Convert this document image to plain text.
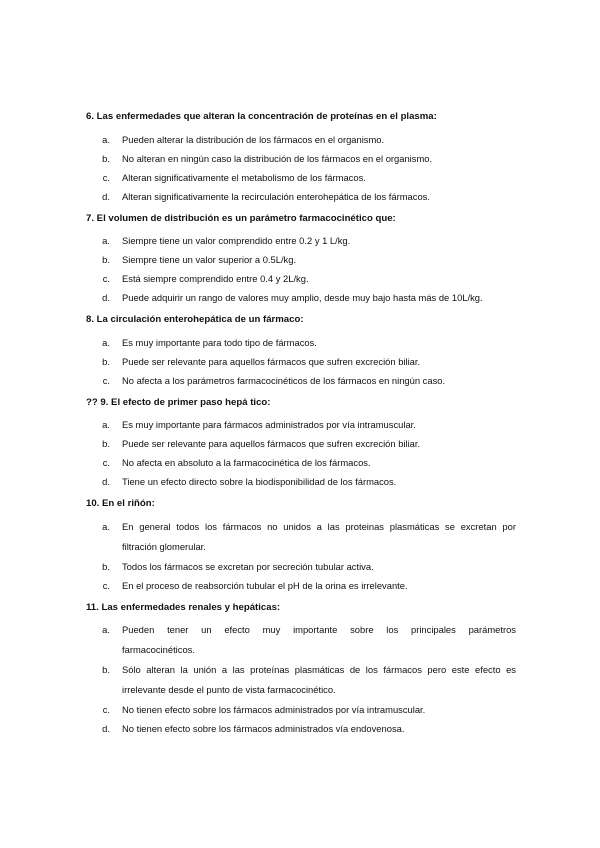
6. Las enfermedades que alteran la concentración de proteínas en el plasma:
a.	Pueden alterar la distribución de los fármacos en el organismo.
b.	No alteran en ningún caso la distribución de los fármacos en el organismo.
c.	Alteran significativamente el metabolismo de los fármacos.
d.	Alteran significativamente la recirculación enterohepática de los fármacos.
7. El volumen de distribución es un parámetro farmacocinético que:
a.	Siempre tiene un valor comprendido entre 0.2 y 1 L/kg.
b.	Siempre tiene un valor superior a 0.5L/kg.
c.	Está siempre comprendido entre 0.4 y 2L/kg.
d.	Puede adquirir un rango de valores muy amplio, desde muy bajo hasta más de 10L/kg.
8. La circulación enterohepática de un fármaco:
a.	Es muy importante para todo tipo de fármacos.
b.	Puede ser relevante para aquellos fármacos que sufren excreción biliar.
c.	No afecta a los parámetros farmacocinéticos de los fármacos en ningún caso.
?? 9. El efecto de primer paso hepá tico:
a.	Es muy importante para fármacos administrados por vía intramuscular.
b.	Puede ser relevante para aquellos fármacos que sufren excreción biliar.
c.	No afecta en absoluto a la farmacocinética de los fármacos.
d.	Tiene un efecto directo sobre la biodisponibilidad de los fármacos.
10. En el riñón:
a.	En general todos los fármacos no unidos a las proteinas plasmáticas se excretan por
filtración glomerular.
b.	Todos los fármacos se excretan por secreción tubular activa.
c.	En el proceso de reabsorción tubular el pH de la orina es irrelevante.
11. Las enfermedades renales y hepáticas:
a.	Pueden tener un efecto muy importante sobre los principales parámetros
farmacocinéticos.
b.	Sólo alteran la unión a las proteínas plasmáticas de los fármacos pero este efecto es
irrelevante desde el punto de vista farmacocinético.
c.	No tienen efecto sobre los fármacos administrados por vía intramuscular.
d.	No tienen efecto sobre los fármacos administrados vía endovenosa.
